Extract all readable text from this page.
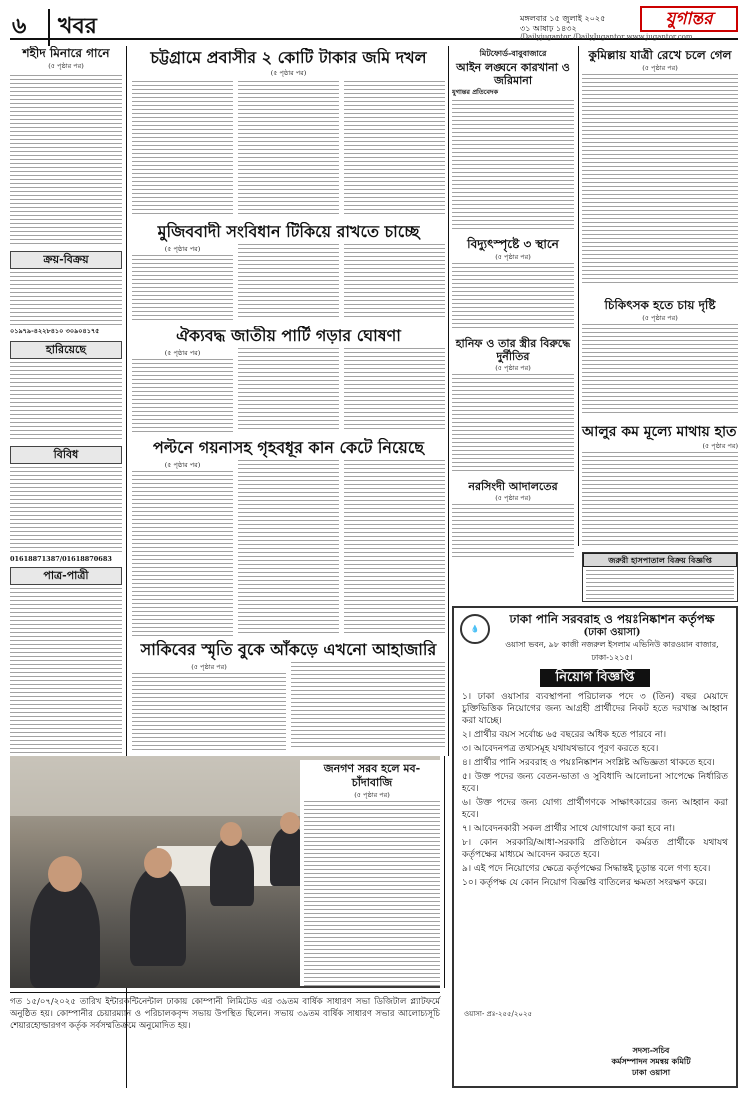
৬	খবর	মঙ্গলবার ১৫ জুলাই ২০২৫
৩১ আষাঢ় ১৪৩২	যুগান্তর
/Dailyjugantor /DailyJugantor www.jugantor.com
শহীদ মিনারে গানে
(৫ পৃষ্ঠার পর)
ক্রয়-বিক্রয়
০১৯৭৯-৪২২৮৪১০ ৩০৯০৪১৭৫
হারিয়েছে
বিবিধ
01618871387/01618870683
পাত্র-পাত্রী
চট্টগ্রামে প্রবাসীর ২ কোটি টাকার জমি দখল
(৫ পৃষ্ঠার পর)
মুজিববাদী সংবিধান টিকিয়ে রাখতে চাচ্ছে
(৫ পৃষ্ঠার পর)
ঐক্যবদ্ধ জাতীয় পার্টি গড়ার ঘোষণা
(৫ পৃষ্ঠার পর)
পল্টনে গয়নাসহ গৃহবধূর কান কেটে নিয়েছে
(৫ পৃষ্ঠার পর)
সাকিবের স্মৃতি বুকে আঁকড়ে এখনো আহাজারি
(৫ পৃষ্ঠার পর)
মিটফোর্ড-বাবুবাজারে
আইন লঙ্ঘনে কারখানা ও জরিমানা
যুগান্তর প্রতিবেদক
বিদ্যুৎস্পৃষ্টে ৩ স্থানে
(৫ পৃষ্ঠার পর)
হানিফ ও তার স্ত্রীর বিরুদ্ধে দুর্নীতির
(৫ পৃষ্ঠার পর)
নরসিংদী আদালতের
(৫ পৃষ্ঠার পর)
কুমিল্লায় যাত্রী রেখে চলে গেল
(৫ পৃষ্ঠার পর)
চিকিৎসক হতে চায় দৃষ্টি
(৫ পৃষ্ঠার পর)
আলুর কম মূল্যে মাথায় হাত
(৫ পৃষ্ঠার পর)
জরুরী হাসপাতাল বিক্রয় বিজ্ঞপ্তি
💧
ঢাকা পানি সরবরাহ ও পয়ঃনিষ্কাশন কর্তৃপক্ষ
(ঢাকা ওয়াসা)
ওয়াসা ভবন, ৯৮ কাজী নজরুল ইসলাম এভিনিউ কারওয়ান বাজার, ঢাকা-১২১৫।
নিয়োগ বিজ্ঞপ্তি
১। ঢাকা ওয়াসার ব্যবস্থাপনা পরিচালক পদে ৩ (তিন) বছর মেয়াদে চুক্তিভিত্তিক নিয়োগের জন্য আগ্রহী প্রার্থীদের নিকট হতে দরখাস্ত আহ্বান করা যাচ্ছে।
২। প্রার্থীর বয়স সর্বোচ্চ ৬৫ বছরের অধিক হতে পারবে না।
৩। আবেদনপত্র তথ্যসমূহ যথাযথভাবে পূরণ করতে হবে।
৪। প্রার্থীর পানি সরবরাহ ও পয়ঃনিষ্কাশন সংশ্লিষ্ট অভিজ্ঞতা থাকতে হবে।
৫। উক্ত পদের জন্য বেতন-ভাতা ও সুবিধাদি আলোচনা সাপেক্ষে নির্ধারিত হবে।
৬। উক্ত পদের জন্য যোগ্য প্রার্থীগণকে সাক্ষাৎকারের জন্য আহ্বান করা হবে।
৭। আবেদনকারী সকল প্রার্থীর সাথে যোগাযোগ করা হবে না।
৮। কোন সরকারি/আধা-সরকারি প্রতিষ্ঠানে কর্মরত প্রার্থীকে যথাযথ কর্তৃপক্ষের মাধ্যমে আবেদন করতে হবে।
৯। এই পদে নিয়োগের ক্ষেত্রে কর্তৃপক্ষের সিদ্ধান্তই চূড়ান্ত বলে গণ্য হবে।
১০। কর্তৃপক্ষ যে কোন নিয়োগ বিজ্ঞপ্তি বাতিলের ক্ষমতা সংরক্ষণ করে।
ওয়াসা- প্রঃ-২৫৫/২০২৫
সদস্য-সচিব
কর্মসম্পাদন সমন্বয় কমিটি
ঢাকা ওয়াসা
গত ১৫/০৭/২০২৫ তারিখ ইন্টারকন্টিনেন্টাল ঢাকায় কোম্পানী লিমিটেড এর ৩৯তম বার্ষিক সাধারণ সভা ডিজিটাল প্ল্যাটফর্মে অনুষ্ঠিত হয়। কোম্পানীর চেয়ারম্যান ও পরিচালকবৃন্দ সভায় উপস্থিত ছিলেন। সভায় ৩৯তম বার্ষিক সাধারণ সভার আলোচ্যসূচি শেয়ারহোল্ডারগণ কর্তৃক সর্বসম্মতিক্রমে অনুমোদিত হয়।
জনগণ সরব হলে মব-চাঁদাবাজি
(৫ পৃষ্ঠার পর)
